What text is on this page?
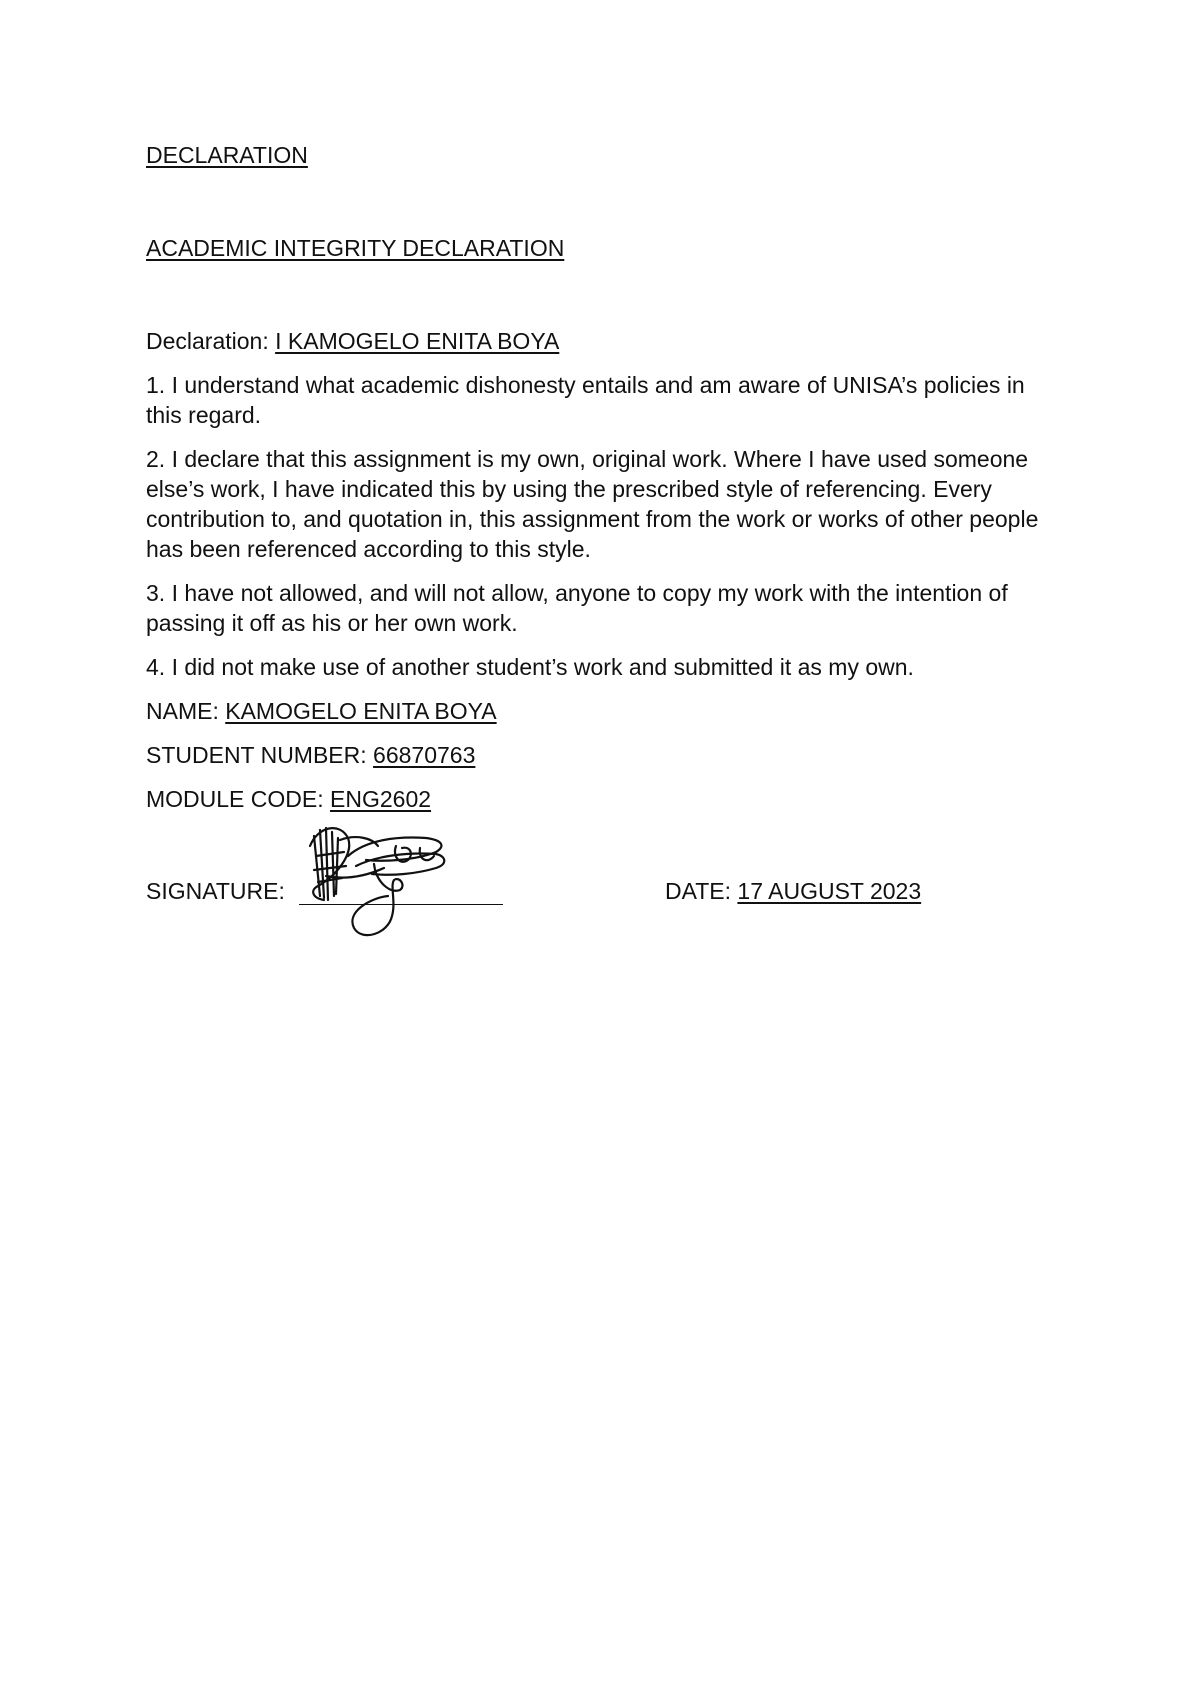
DECLARATION

ACADEMIC INTEGRITY DECLARATION

Declaration: I KAMOGELO ENITA BOYA

1. I understand what academic dishonesty entails and am aware of UNISA’s policies in this regard.

2. I declare that this assignment is my own, original work. Where I have used someone else’s work, I have indicated this by using the prescribed style of referencing. Every contribution to, and quotation in, this assignment from the work or works of other people has been referenced according to this style.

3. I have not allowed, and will not allow, anyone to copy my work with the intention of passing it off as his or her own work.

4. I did not make use of another student’s work and submitted it as my own.

NAME: KAMOGELO ENITA BOYA

STUDENT NUMBER: 66870763

MODULE CODE: ENG2602

SIGNATURE:	DATE: 17 AUGUST 2023
